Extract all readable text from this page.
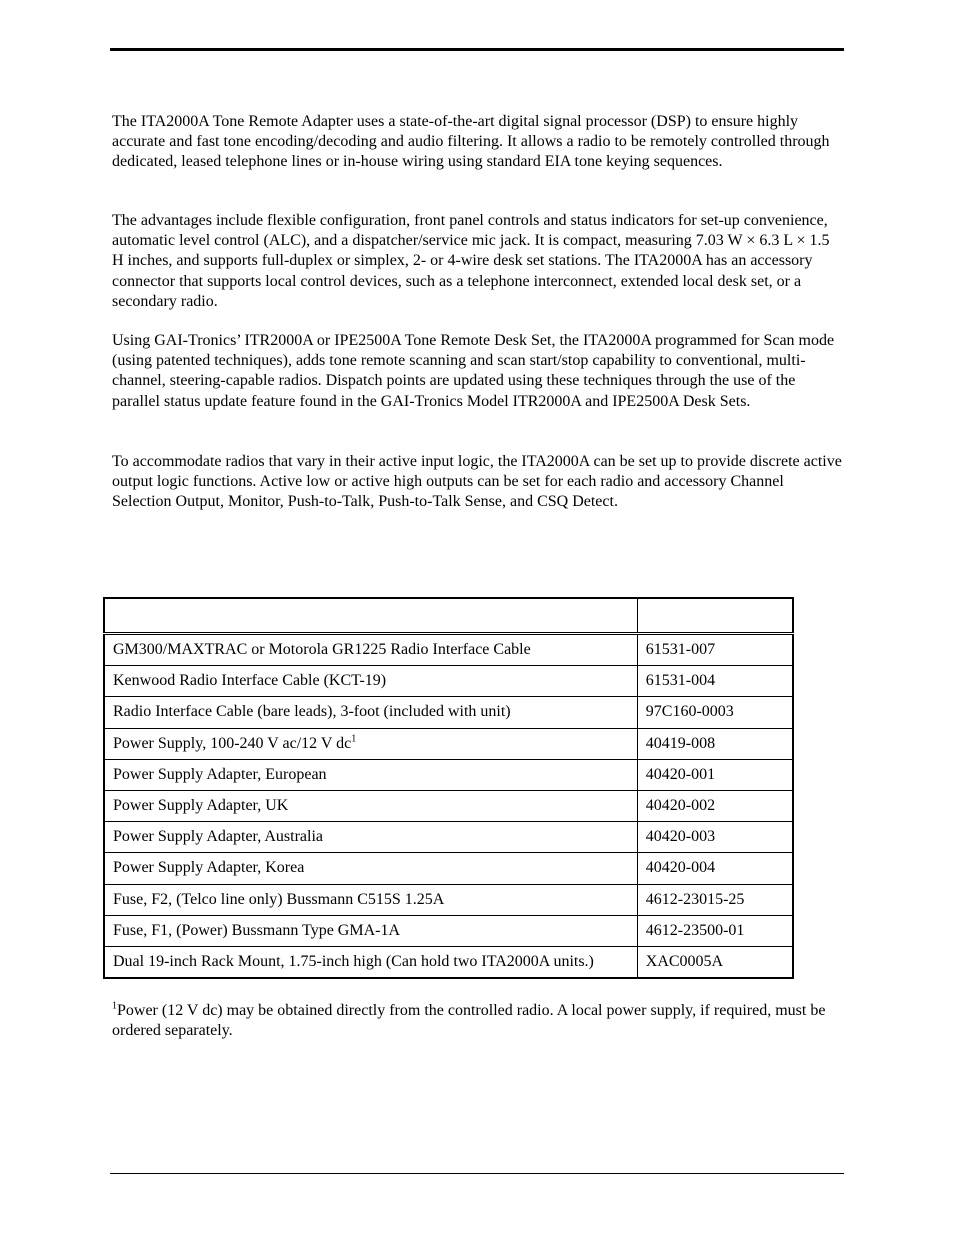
The ITA2000A Tone Remote Adapter uses a state-of-the-art digital signal processor (DSP) to ensure highly accurate and fast tone encoding/decoding and audio filtering. It allows a radio to be remotely controlled through dedicated, leased telephone lines or in-house wiring using standard EIA tone keying sequences.

The advantages include flexible configuration, front panel controls and status indicators for set-up convenience, automatic level control (ALC), and a dispatcher/service mic jack. It is compact, measuring 7.03 W × 6.3 L × 1.5 H inches, and supports full-duplex or simplex, 2- or 4-wire desk set stations. The ITA2000A has an accessory connector that supports local control devices, such as a telephone interconnect, extended local desk set, or a secondary radio.

Using GAI-Tronics’ ITR2000A or IPE2500A Tone Remote Desk Set, the ITA2000A programmed for Scan mode (using patented techniques), adds tone remote scanning and scan start/stop capability to conventional, multi-channel, steering-capable radios. Dispatch points are updated using these techniques through the use of the parallel status update feature found in the GAI-Tronics Model ITR2000A and IPE2500A Desk Sets.

To accommodate radios that vary in their active input logic, the ITA2000A can be set up to provide discrete active output logic functions. Active low or active high outputs can be set for each radio and accessory Channel Selection Output, Monitor, Push-to-Talk, Push-to-Talk Sense, and CSQ Detect.

GM300/MAXTRAC or Motorola GR1225 Radio Interface Cable	61531-007
Kenwood Radio Interface Cable (KCT-19)	61531-004
Radio Interface Cable (bare leads), 3-foot (included with unit)	97C160-0003
Power Supply, 100-240 V ac/12 V $dc^1$	40419-008
Power Supply Adapter, European	40420-001
Power Supply Adapter, UK	40420-002
Power Supply Adapter, Australia	40420-003
Power Supply Adapter, Korea	40420-004
Fuse, F2, (Telco line only) Bussmann C515S 1.25A	4612-23015-25
Fuse, F1, (Power) Bussmann Type GMA-1A	4612-23500-01
Dual 19-inch Rack Mount, 1.75-inch high (Can hold two ITA2000A units.)	XAC0005A

$^1$Power (12 V dc) may be obtained directly from the controlled radio. A local power supply, if required, must be ordered separately.
